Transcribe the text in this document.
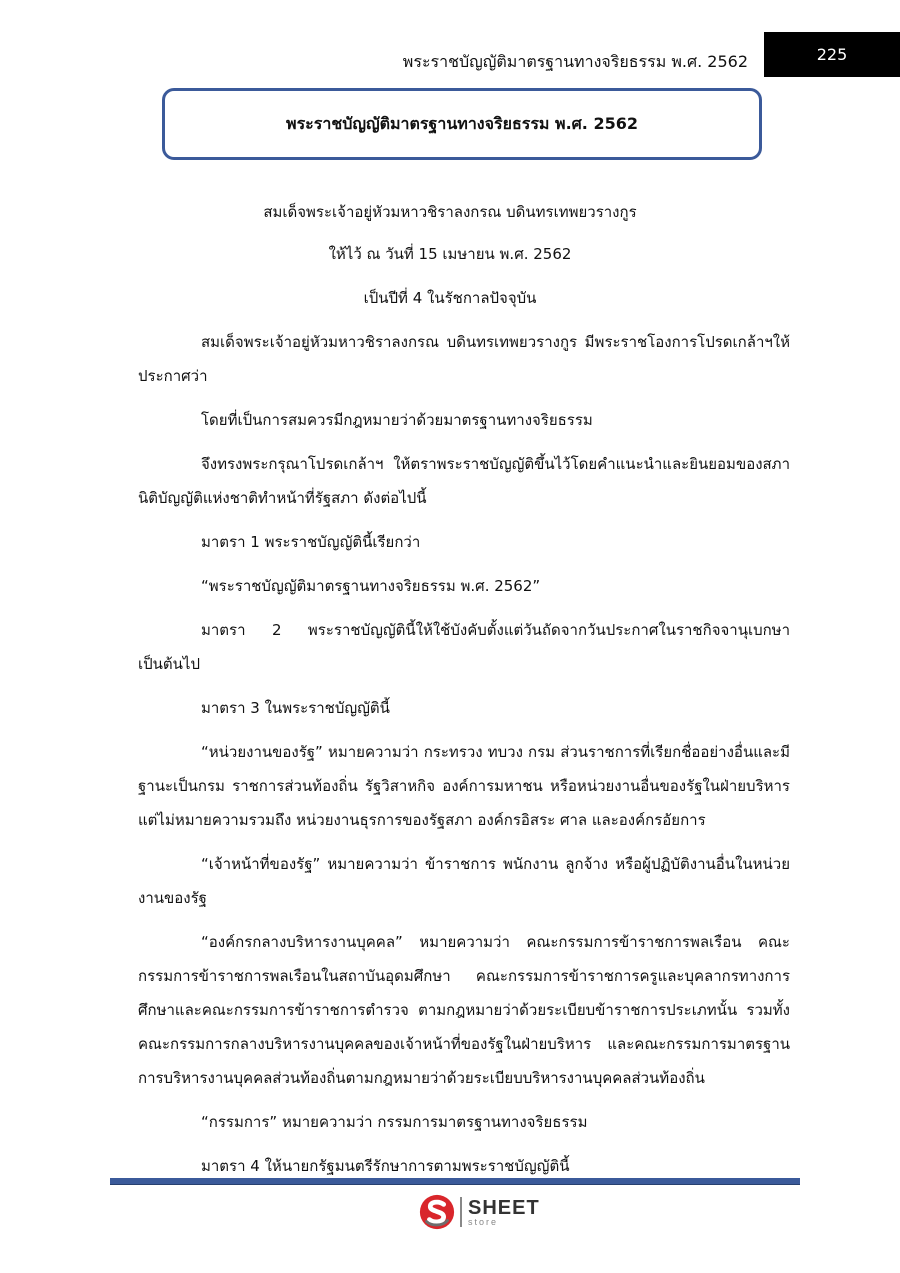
พระราชบัญญัติมาตรฐานทางจริยธรรม พ.ศ. 2562	225
พระราชบัญญัติมาตรฐานทางจริยธรรม พ.ศ. 2562
สมเด็จพระเจ้าอยู่หัวมหาวชิราลงกรณ บดินทรเทพยวรางกูร
ให้ไว้ ณ วันที่ 15 เมษายน พ.ศ. 2562
เป็นปีที่ 4 ในรัชกาลปัจจุบัน

สมเด็จพระเจ้าอยู่หัวมหาวชิราลงกรณ บดินทรเทพยวรางกูร มีพระราชโองการโปรดเกล้าฯให้ประกาศว่า

โดยที่เป็นการสมควรมีกฎหมายว่าด้วยมาตรฐานทางจริยธรรม

จึงทรงพระกรุณาโปรดเกล้าฯ ให้ตราพระราชบัญญัติขึ้นไว้โดยคำแนะนำและยินยอมของสภานิติบัญญัติแห่งชาติทำหน้าที่รัฐสภา ดังต่อไปนี้

มาตรา 1 พระราชบัญญัตินี้เรียกว่า

“พระราชบัญญัติมาตรฐานทางจริยธรรม พ.ศ. 2562”

มาตรา 2 พระราชบัญญัตินี้ให้ใช้บังคับตั้งแต่วันถัดจากวันประกาศในราชกิจจานุเบกษาเป็นต้นไป

มาตรา 3 ในพระราชบัญญัตินี้

“หน่วยงานของรัฐ” หมายความว่า กระทรวง ทบวง กรม ส่วนราชการที่เรียกชื่ออย่างอื่นและมีฐานะเป็นกรม ราชการส่วนท้องถิ่น รัฐวิสาหกิจ องค์การมหาชน หรือหน่วยงานอื่นของรัฐในฝ่ายบริหาร แต่ไม่หมายความรวมถึง หน่วยงานธุรการของรัฐสภา องค์กรอิสระ ศาล และองค์กรอัยการ

“เจ้าหน้าที่ของรัฐ” หมายความว่า ข้าราชการ พนักงาน ลูกจ้าง หรือผู้ปฏิบัติงานอื่นในหน่วยงานของรัฐ

“องค์กรกลางบริหารงานบุคคล” หมายความว่า คณะกรรมการข้าราชการพลเรือน คณะกรรมการข้าราชการพลเรือนในสถาบันอุดมศึกษา คณะกรรมการข้าราชการครูและบุคลากรทางการศึกษาและคณะกรรมการข้าราชการตำรวจ ตามกฎหมายว่าด้วยระเบียบข้าราชการประเภทนั้น รวมทั้งคณะกรรมการกลางบริหารงานบุคคลของเจ้าหน้าที่ของรัฐในฝ่ายบริหาร และคณะกรรมการมาตรฐานการบริหารงานบุคคลส่วนท้องถิ่นตามกฎหมายว่าด้วยระเบียบบริหารงานบุคคลส่วนท้องถิ่น

“กรรมการ” หมายความว่า กรรมการมาตรฐานทางจริยธรรม

มาตรา 4 ให้นายกรัฐมนตรีรักษาการตามพระราชบัญญัตินี้

SHEET
store
